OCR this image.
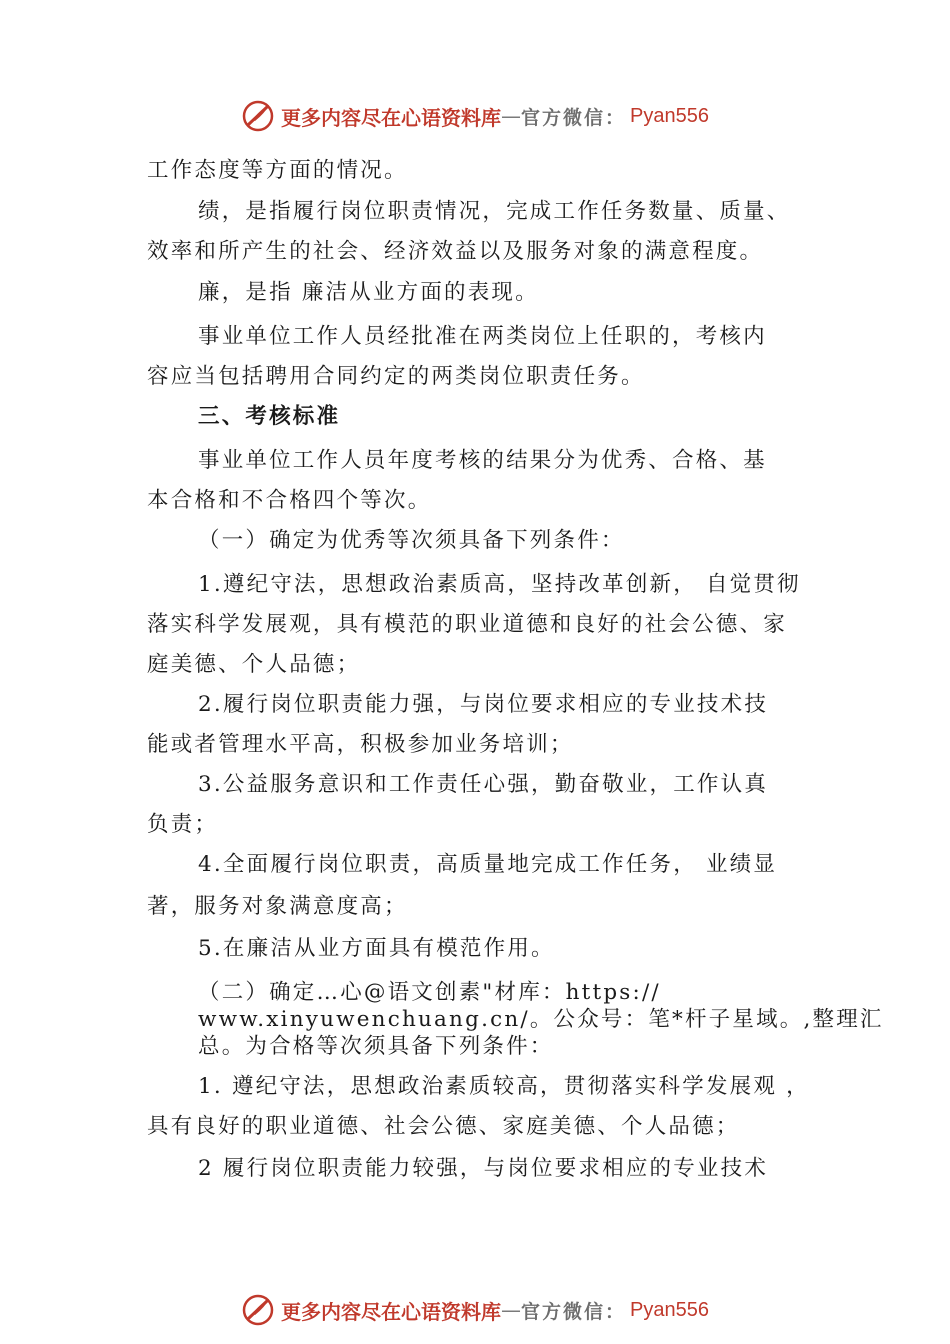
更多内容尽在心语资料库 — 官方微信： Pyan556
工作态度等方面的情况。
绩，是指履行岗位职责情况，完成工作任务数量、质量、
效率和所产生的社会、经济效益以及服务对象的满意程度。
廉，是指 廉洁从业方面的表现。
事业单位工作人员经批准在两类岗位上任职的，考核内
容应当包括聘用合同约定的两类岗位职责任务。
三、考核标准
事业单位工作人员年度考核的结果分为优秀、合格、基
本合格和不合格四个等次。
（一）确定为优秀等次须具备下列条件：
1.遵纪守法，思想政治素质高，坚持改革创新， 自觉贯彻
落实科学发展观，具有模范的职业道德和良好的社会公德、家
庭美德、个人品德；
2.履行岗位职责能力强，与岗位要求相应的专业技术技
能或者管理水平高，积极参加业务培训；
3.公益服务意识和工作责任心强，勤奋敬业，工作认真
负责；
4.全面履行岗位职责，高质量地完成工作任务， 业绩显
著，服务对象满意度高；
5.在廉洁从业方面具有模范作用。
（二）确定…心@语文创素"材库：https://
www.xinyuwenchuang.cn/。公众号：笔*杆子星域。,整理汇
总。为合格等次须具备下列条件：
1. 遵纪守法，思想政治素质较高，贯彻落实科学发展观 ，
具有良好的职业道德、社会公德、家庭美德、个人品德；
2 履行岗位职责能力较强，与岗位要求相应的专业技术
更多内容尽在心语资料库 — 官方微信： Pyan556
